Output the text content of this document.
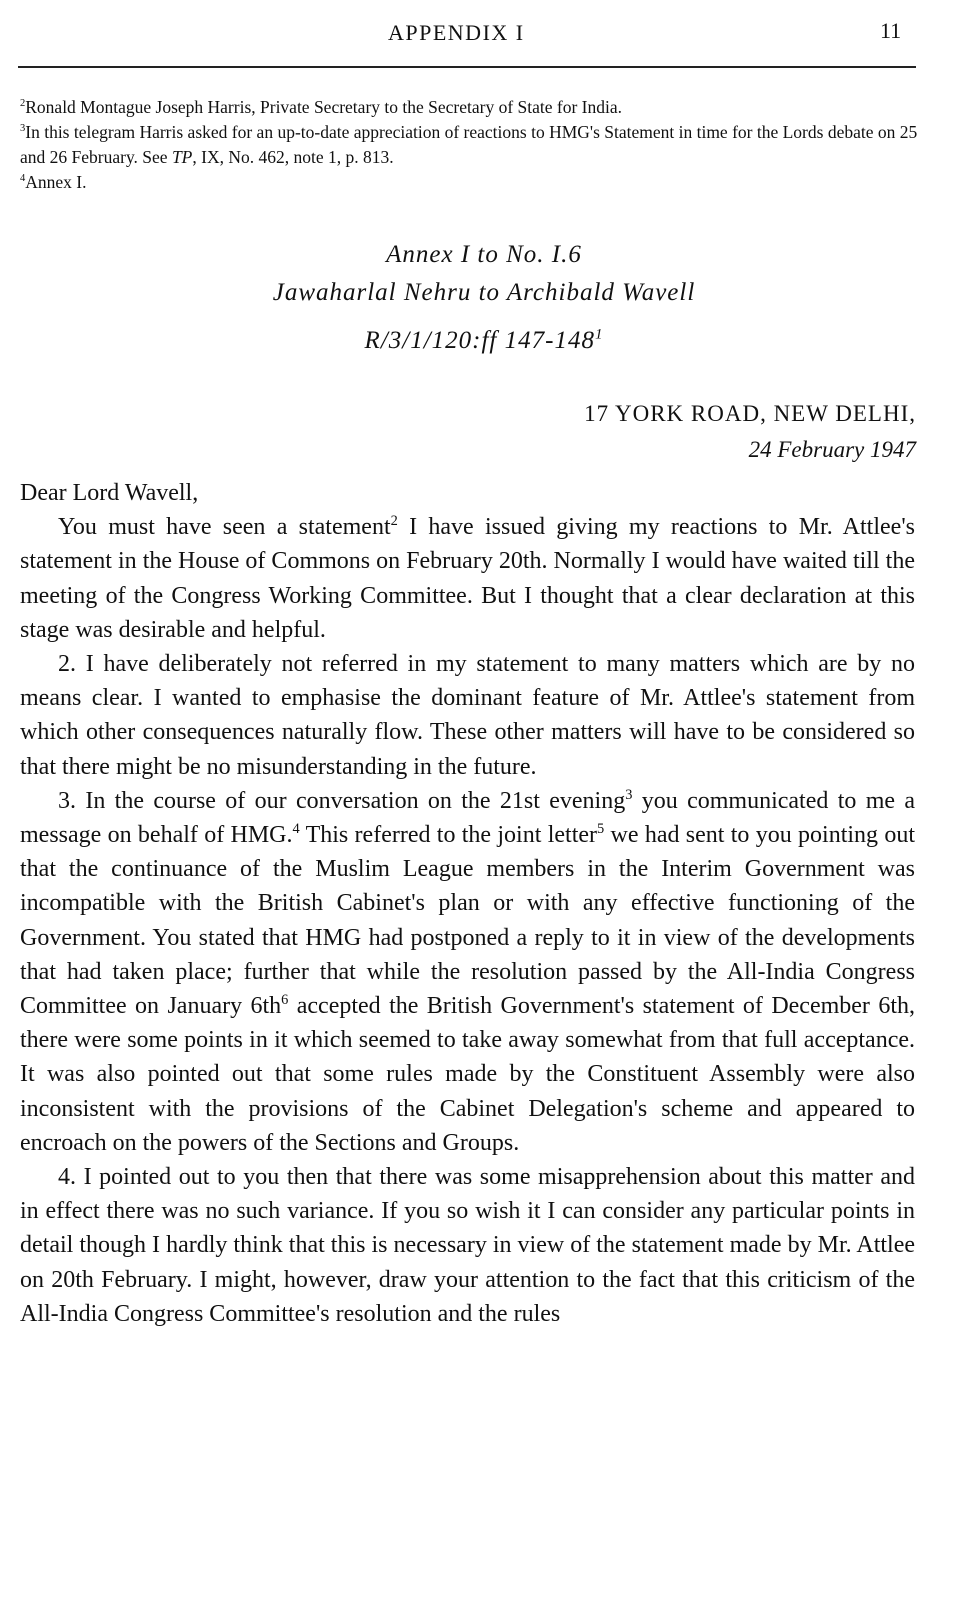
APPENDIX I	11

$^2$Ronald Montague Joseph Harris, Private Secretary to the Secretary of State for India.

$^3$In this telegram Harris asked for an up-to-date appreciation of reactions to HMG's Statement in time for the Lords debate on 25 and 26 February. See TP, IX, No. 462, note 1, p. 813.

$^4$Annex I.

Annex I to No. I.6
Jawaharlal Nehru to Archibald Wavell
R/3/1/120:ff $147-148^1$
17 YORK ROAD, NEW DELHI,
24 February 1947

Dear Lord Wavell,

You must have seen a statement$^2$ I have issued giving my reactions to Mr. Attlee's statement in the House of Commons on February 20th. Normally I would have waited till the meeting of the Congress Working Committee. But I thought that a clear declaration at this stage was desirable and helpful.

2. I have deliberately not referred in my statement to many matters which are by no means clear. I wanted to emphasise the dominant feature of Mr. Attlee's statement from which other consequences naturally flow. These other matters will have to be considered so that there might be no misunderstanding in the future.

3. In the course of our conversation on the 21st evening$^3$ you communicated to me a message on behalf of HMG.$^4$ This referred to the joint letter$^5$ we had sent to you pointing out that the continuance of the Muslim League members in the Interim Government was incompatible with the British Cabinet's plan or with any effective functioning of the Government. You stated that HMG had postponed a reply to it in view of the developments that had taken place; further that while the resolution passed by the All-India Congress Committee on January $6th^6$ accepted the British Government's statement of December 6th, there were some points in it which seemed to take away somewhat from that full acceptance. It was also pointed out that some rules made by the Constituent Assembly were also inconsistent with the provisions of the Cabinet Delegation's scheme and appeared to encroach on the powers of the Sections and Groups.

4. I pointed out to you then that there was some misapprehension about this matter and in effect there was no such variance. If you so wish it I can consider any particular points in detail though I hardly think that this is necessary in view of the statement made by Mr. Attlee on 20th February. I might, however, draw your attention to the fact that this criticism of the All-India Congress Committee's resolution and the rules
